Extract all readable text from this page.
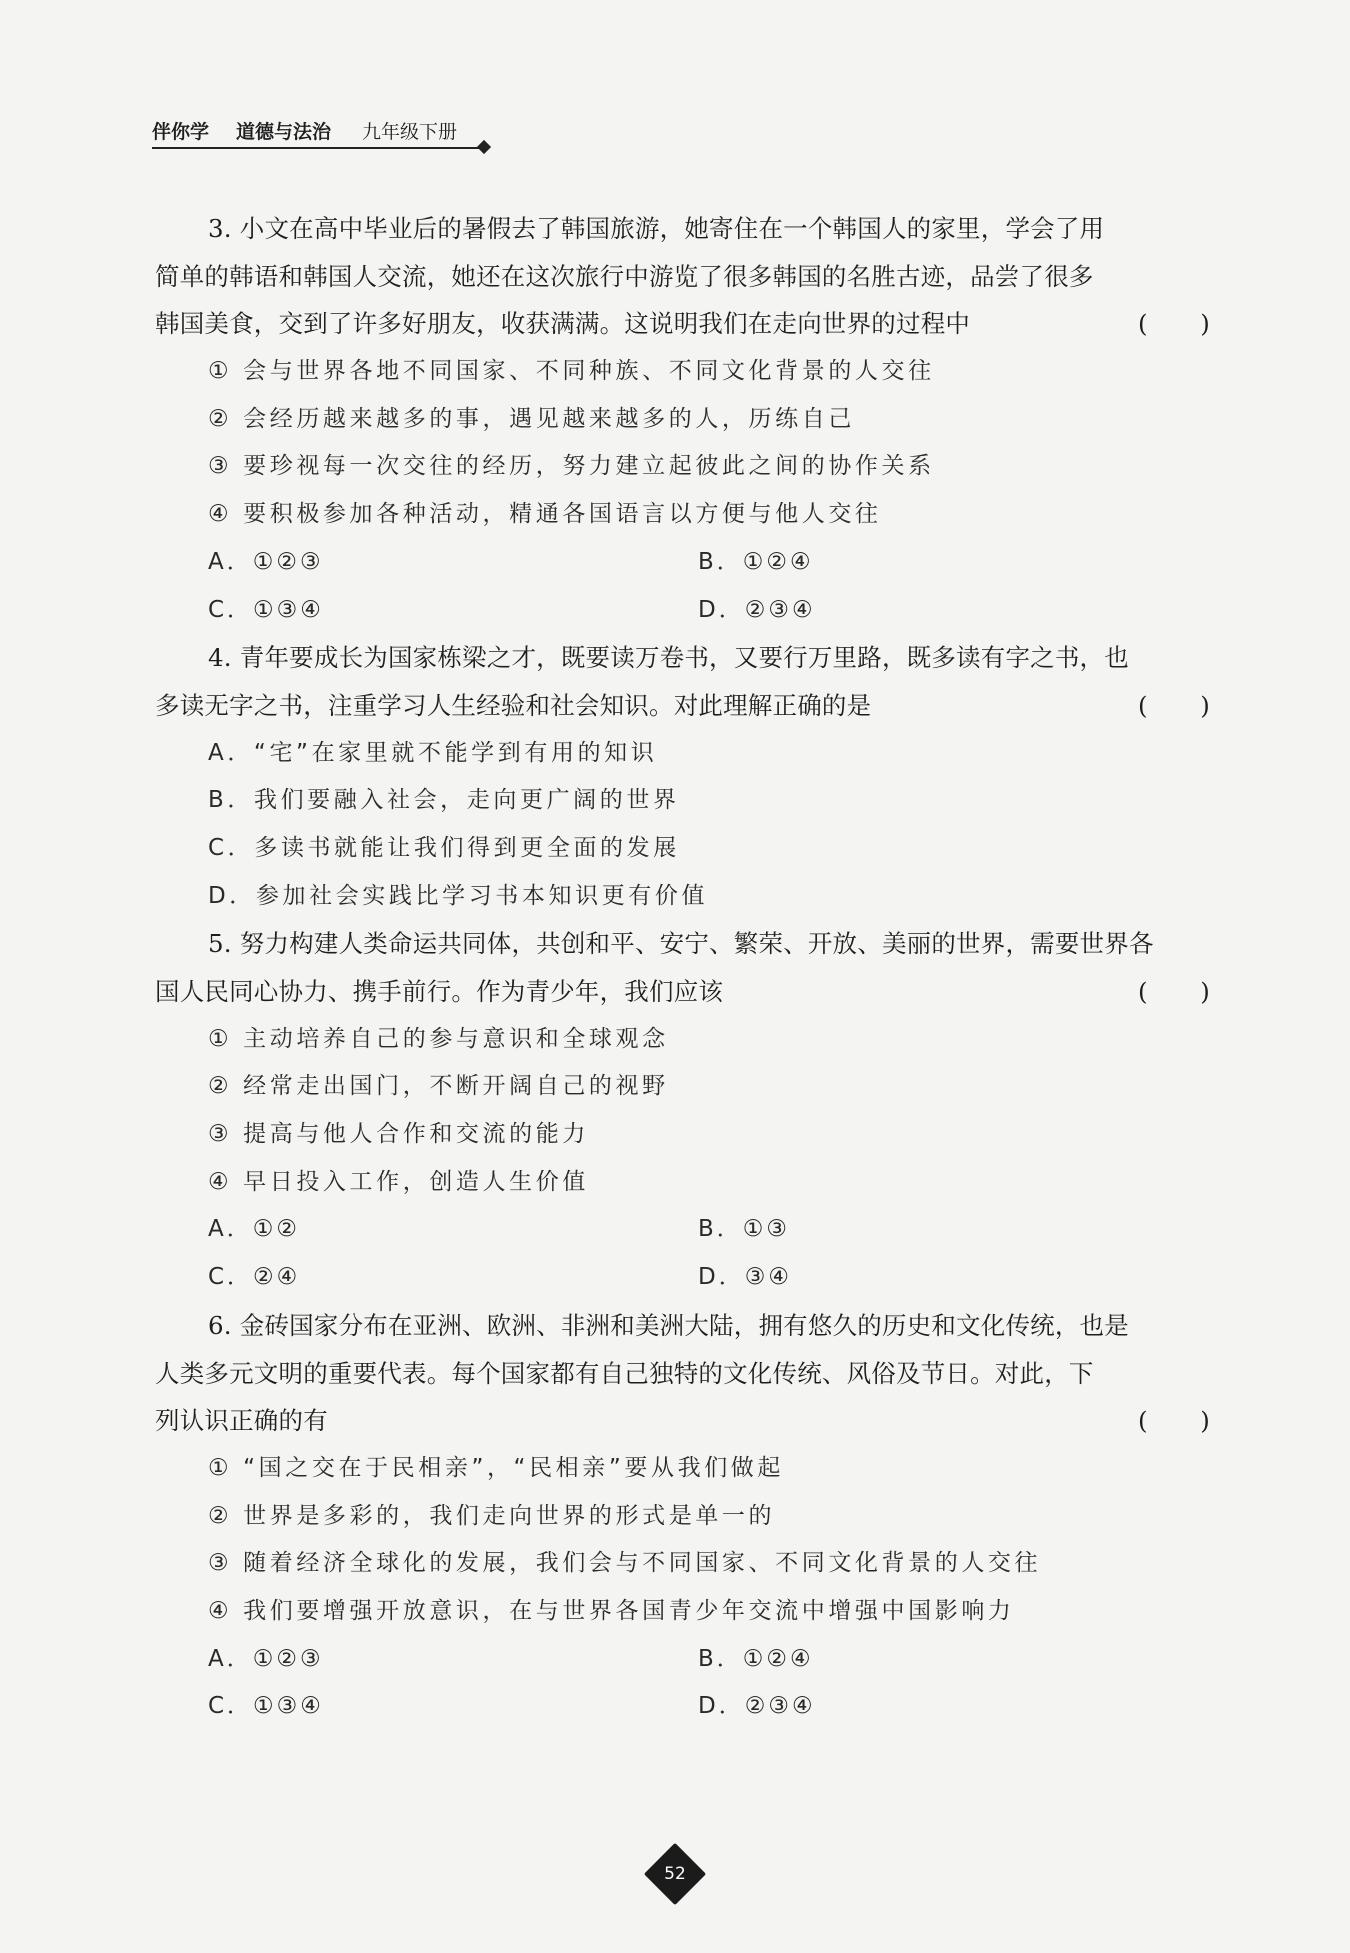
伴你学 道德与法治 九年级下册
3. 小文在高中毕业后的暑假去了韩国旅游，她寄住在一个韩国人的家里，学会了用
简单的韩语和韩国人交流，她还在这次旅行中游览了很多韩国的名胜古迹，品尝了很多
韩国美食，交到了许多好朋友，收获满满。这说明我们在走向世界的过程中	( )
① 会与世界各地不同国家、不同种族、不同文化背景的人交往
② 会经历越来越多的事，遇见越来越多的人，历练自己
③ 要珍视每一次交往的经历，努力建立起彼此之间的协作关系
④ 要积极参加各种活动，精通各国语言以方便与他人交往
A．①②③	B．①②④
C．①③④	D．②③④
4. 青年要成长为国家栋梁之才，既要读万卷书，又要行万里路，既多读有字之书，也
多读无字之书，注重学习人生经验和社会知识。对此理解正确的是	( )
A．“宅”在家里就不能学到有用的知识
B．我们要融入社会，走向更广阔的世界
C．多读书就能让我们得到更全面的发展
D．参加社会实践比学习书本知识更有价值
5. 努力构建人类命运共同体，共创和平、安宁、繁荣、开放、美丽的世界，需要世界各
国人民同心协力、携手前行。作为青少年，我们应该	( )
① 主动培养自己的参与意识和全球观念
② 经常走出国门，不断开阔自己的视野
③ 提高与他人合作和交流的能力
④ 早日投入工作，创造人生价值
A．①②	B．①③
C．②④	D．③④
6. 金砖国家分布在亚洲、欧洲、非洲和美洲大陆，拥有悠久的历史和文化传统，也是
人类多元文明的重要代表。每个国家都有自己独特的文化传统、风俗及节日。对此，下
列认识正确的有	( )
① “国之交在于民相亲”，“民相亲”要从我们做起
② 世界是多彩的，我们走向世界的形式是单一的
③ 随着经济全球化的发展，我们会与不同国家、不同文化背景的人交往
④ 我们要增强开放意识，在与世界各国青少年交流中增强中国影响力
A．①②③	B．①②④
C．①③④	D．②③④
52
